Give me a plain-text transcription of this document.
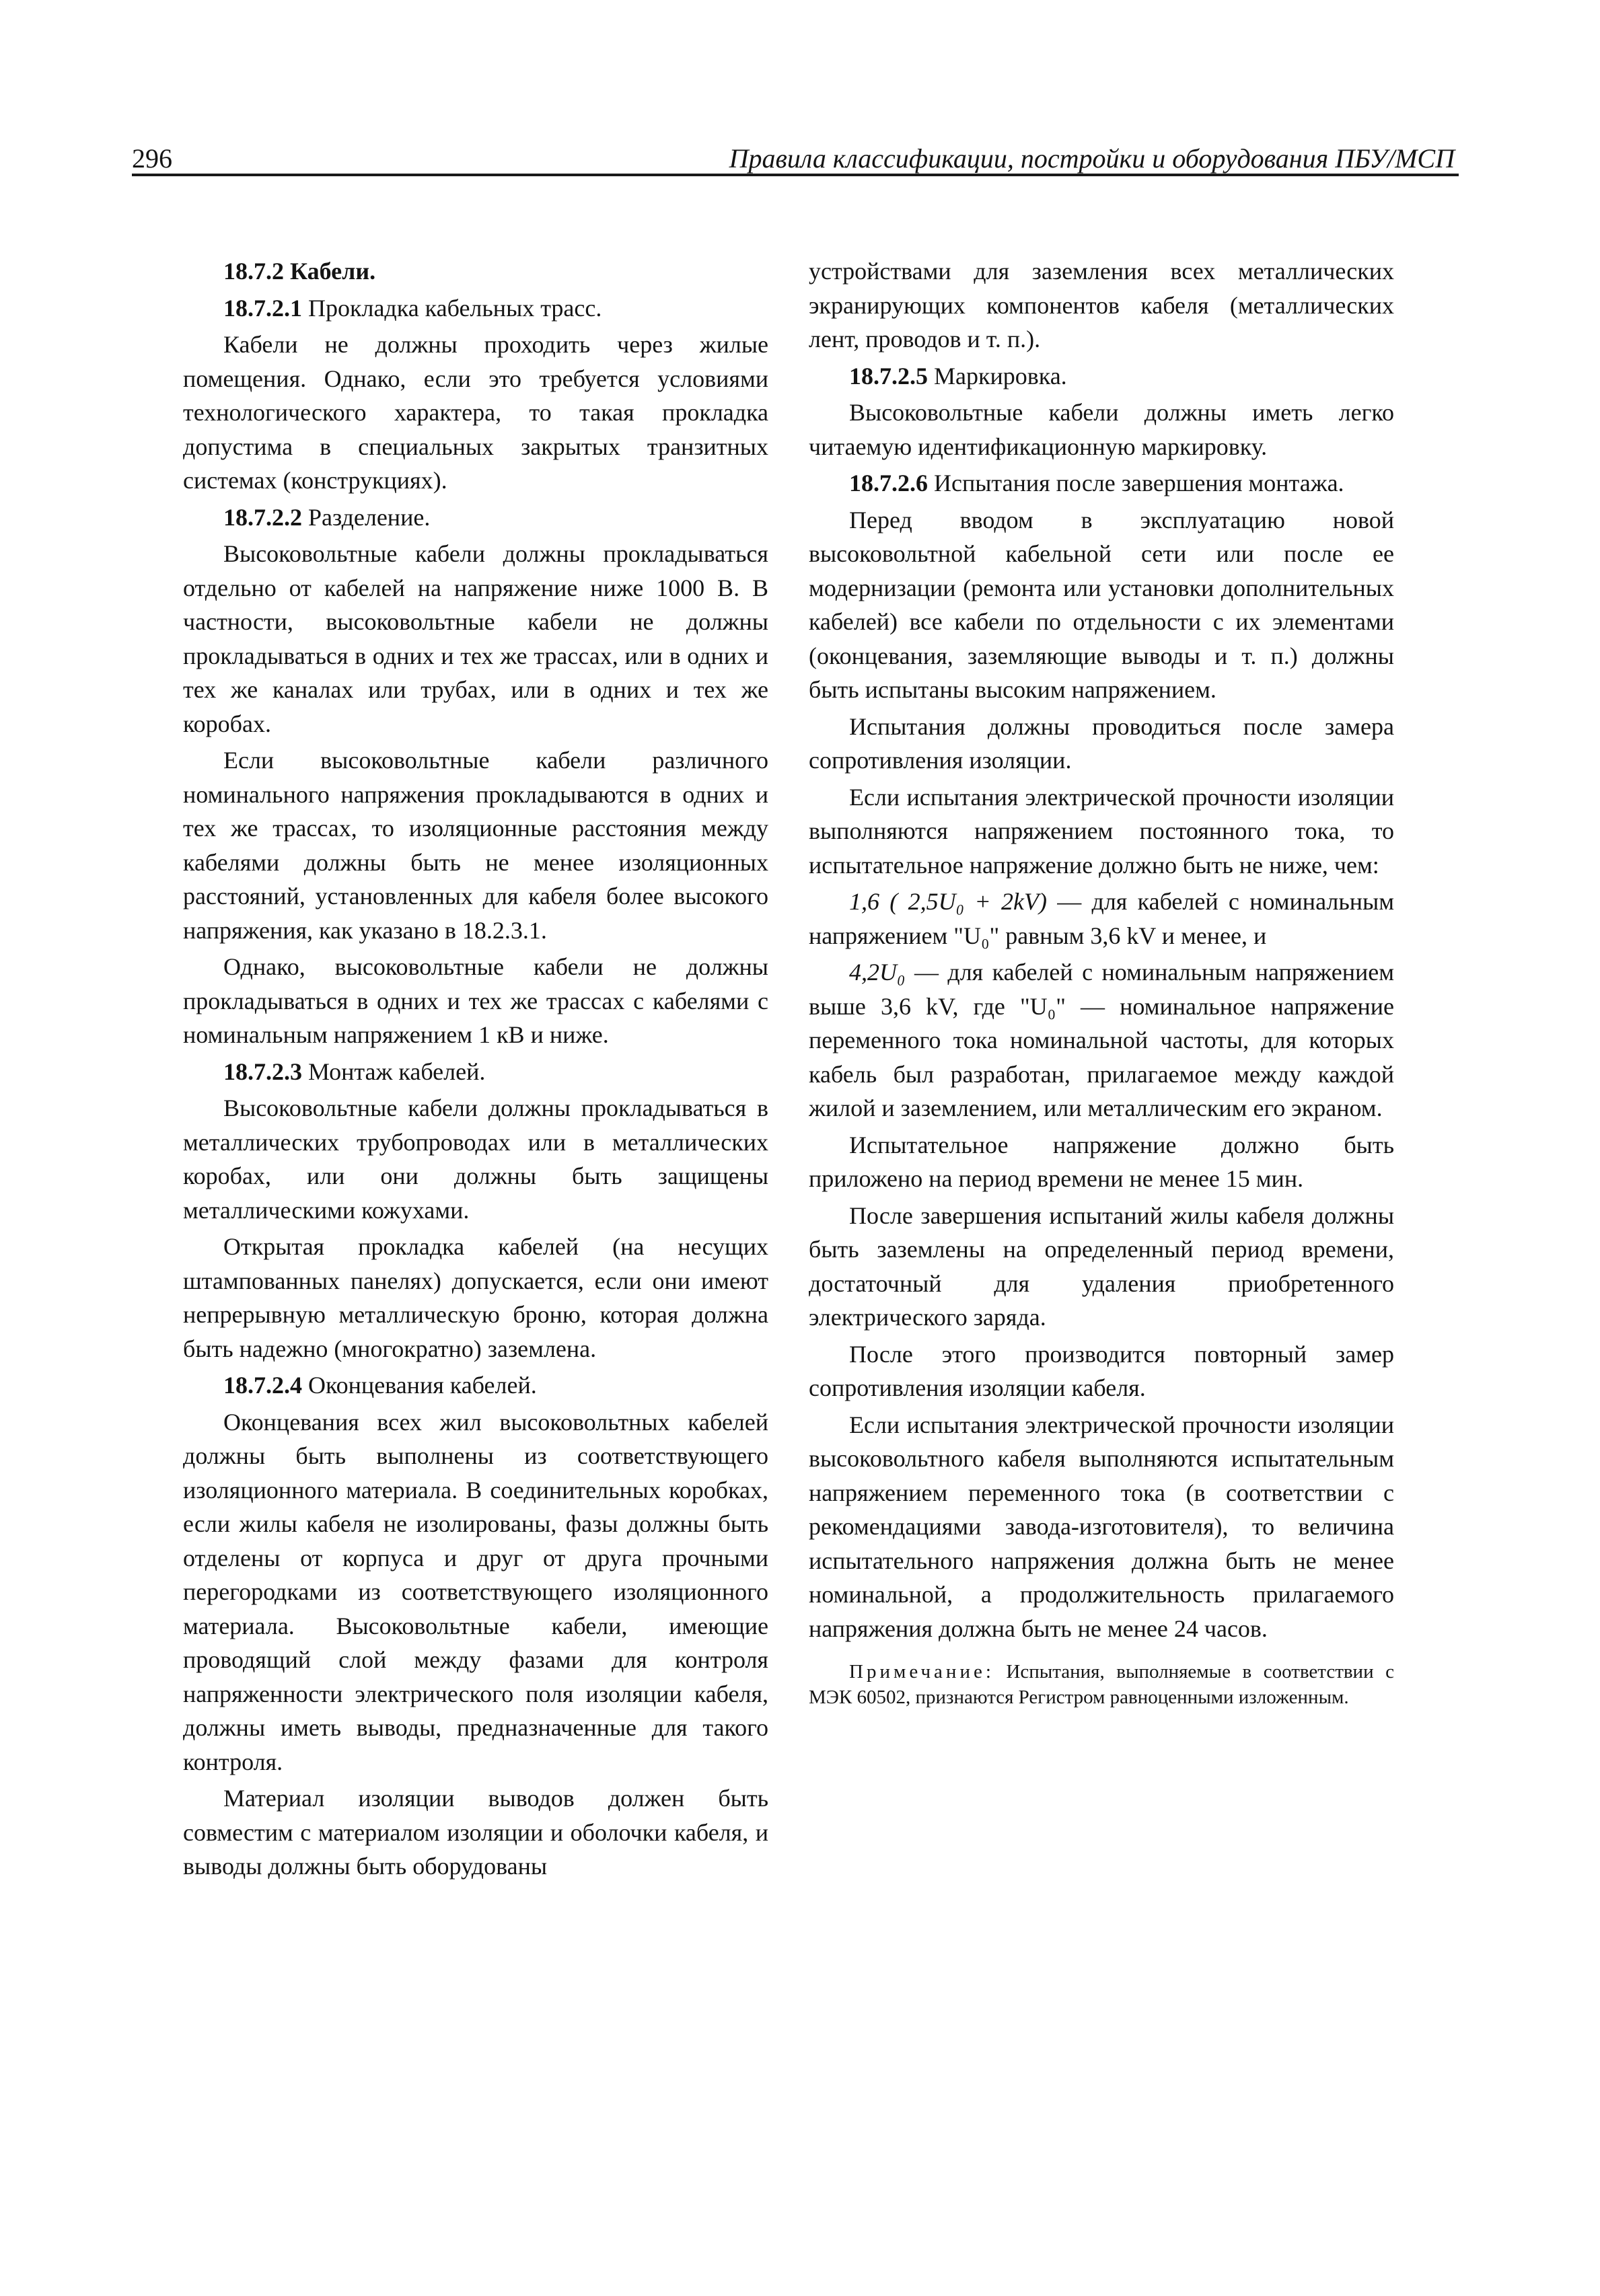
296	Правила классификации, постройки и оборудования ПБУ/МСП

18.7.2 Кабели.

18.7.2.1 Прокладка кабельных трасс.

Кабели не должны проходить через жилые помещения. Однако, если это требуется условиями технологического характера, то такая прокладка допустима в специальных закрытых транзитных системах (конструкциях).

18.7.2.2 Разделение.

Высоковольтные кабели должны прокладываться отдельно от кабелей на напряжение ниже 1000 В. В частности, высоковольтные кабели не должны прокладываться в одних и тех же трассах, или в одних и тех же каналах или трубах, или в одних и тех же коробах.

Если высоковольтные кабели различного номинального напряжения прокладываются в одних и тех же трассах, то изоляционные расстояния между кабелями должны быть не менее изоляционных расстояний, установленных для кабеля более высокого напряжения, как указано в 18.2.3.1.

Однако, высоковольтные кабели не должны прокладываться в одних и тех же трассах с кабелями с номинальным напряжением 1 кВ и ниже.

18.7.2.3 Монтаж кабелей.

Высоковольтные кабели должны прокладываться в металлических трубопроводах или в металлических коробах, или они должны быть защищены металлическими кожухами.

Открытая прокладка кабелей (на несущих штампованных панелях) допускается, если они имеют непрерывную металлическую броню, которая должна быть надежно (многократно) заземлена.

18.7.2.4 Оконцевания кабелей.

Оконцевания всех жил высоковольтных кабелей должны быть выполнены из соответствующего изоляционного материала. В соединительных коробках, если жилы кабеля не изолированы, фазы должны быть отделены от корпуса и друг от друга прочными перегородками из соответствующего изоляционного материала. Высоковольтные кабели, имеющие проводящий слой между фазами для контроля напряженности электрического поля изоляции кабеля, должны иметь выводы, предназначенные для такого контроля.

Материал изоляции выводов должен быть совместим с материалом изоляции и оболочки кабеля, и выводы должны быть оборудованы

устройствами для заземления всех металлических экранирующих компонентов кабеля (металлических лент, проводов и т. п.).

18.7.2.5 Маркировка.

Высоковольтные кабели должны иметь легко читаемую идентификационную маркировку.

18.7.2.6 Испытания после завершения монтажа.

Перед вводом в эксплуатацию новой высоковольтной кабельной сети или после ее модернизации (ремонта или установки дополнительных кабелей) все кабели по отдельности с их элементами (оконцевания, заземляющие выводы и т. п.) должны быть испытаны высоким напряжением.

Испытания должны проводиться после замера сопротивления изоляции.

Если испытания электрической прочности изоляции выполняются напряжением постоянного тока, то испытательное напряжение должно быть не ниже, чем:

1,6 ( 2,5U₀ + 2kV) — для кабелей с номинальным напряжением "U₀" равным 3,6 kV и менее, и

4,2U₀ — для кабелей с номинальным напряжением выше 3,6 kV, где "U₀" — номинальное напряжение переменного тока номинальной частоты, для которых кабель был разработан, прилагаемое между каждой жилой и заземлением, или металлическим его экраном.

Испытательное напряжение должно быть приложено на период времени не менее 15 мин.

После завершения испытаний жилы кабеля должны быть заземлены на определенный период времени, достаточный для удаления приобретенного электрического заряда.

После этого производится повторный замер сопротивления изоляции кабеля.

Если испытания электрической прочности изоляции высоковольтного кабеля выполняются испытательным напряжением переменного тока (в соответствии с рекомендациями завода-изготовителя), то величина испытательного напряжения должна быть не менее номинальной, а продолжительность прилагаемого напряжения должна быть не менее 24 часов.

Примечание: Испытания, выполняемые в соответствии с МЭК 60502, признаются Регистром равноценными изложенным.
